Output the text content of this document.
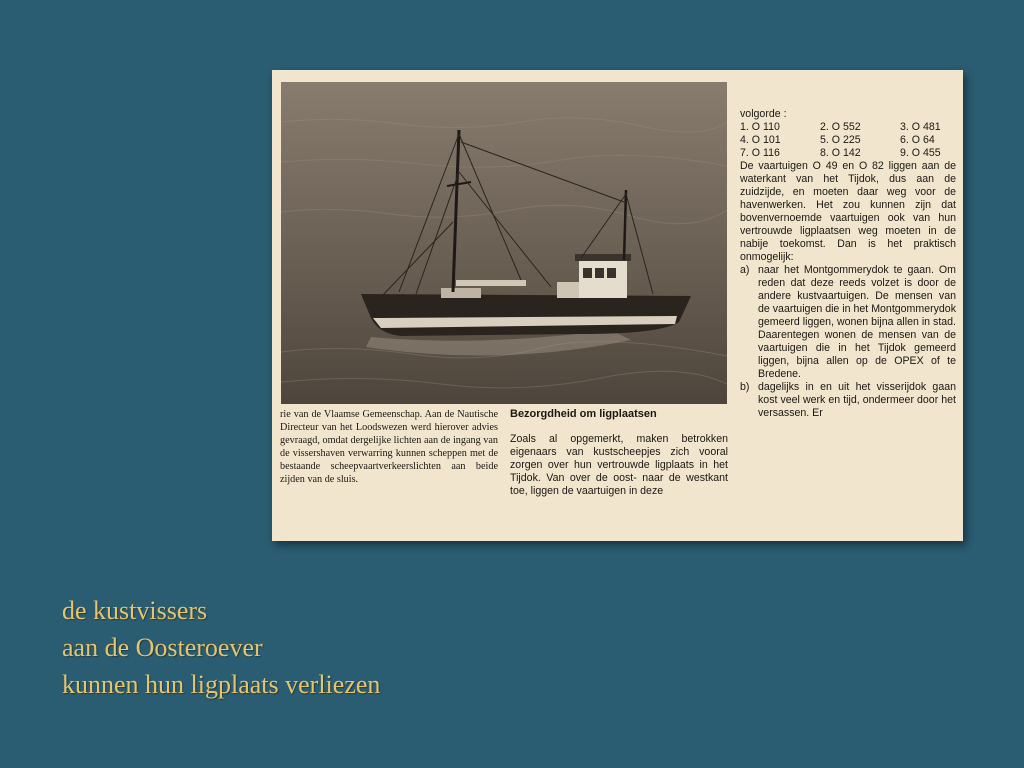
rie van de Vlaamse Gemeenschap. Aan de Nautische Directeur van het Loodswezen werd hierover advies gevraagd, omdat dergelijke lichten aan de ingang van de vissershaven verwarring kunnen scheppen met de bestaande scheepvaartverkeerslichten aan beide zijden van de sluis.
Bezorgdheid om ligplaatsen

Zoals al opgemerkt, maken betrokken eigenaars van kustscheepjes zich vooral zorgen over hun vertrouwde ligplaats in het Tijdok. Van over de oost- naar de westkant toe, liggen de vaartuigen in deze

volgorde :

1. O 110	2. O 552	3. O 481
4. O 101	5. O 225	6. O 64
7. O 116	8. O 142	9. O 455

De vaartuigen O 49 en O 82 liggen aan de waterkant van het Tijdok, dus aan de zuidzijde, en moeten daar weg voor de havenwerken. Het zou kunnen zijn dat bovenvernoemde vaartuigen ook van hun vertrouwde ligplaatsen weg moeten in de nabije toekomst. Dan is het praktisch onmogelijk:

a) naar het Montgommerydok te gaan. Om reden dat deze reeds volzet is door de andere kustvaartuigen. De mensen van de vaartuigen die in het Montgommerydok gemeerd liggen, wonen bijna allen in stad. Daarentegen wonen de mensen van de vaartuigen die in het Tijdok gemeerd liggen, bijna allen op de OPEX of te Bredene.
b) dagelijks in en uit het visserijdok gaan kost veel werk en tijd, ondermeer door het versassen. Er
de kustvissers
aan de Oosteroever
kunnen hun ligplaats verliezen
